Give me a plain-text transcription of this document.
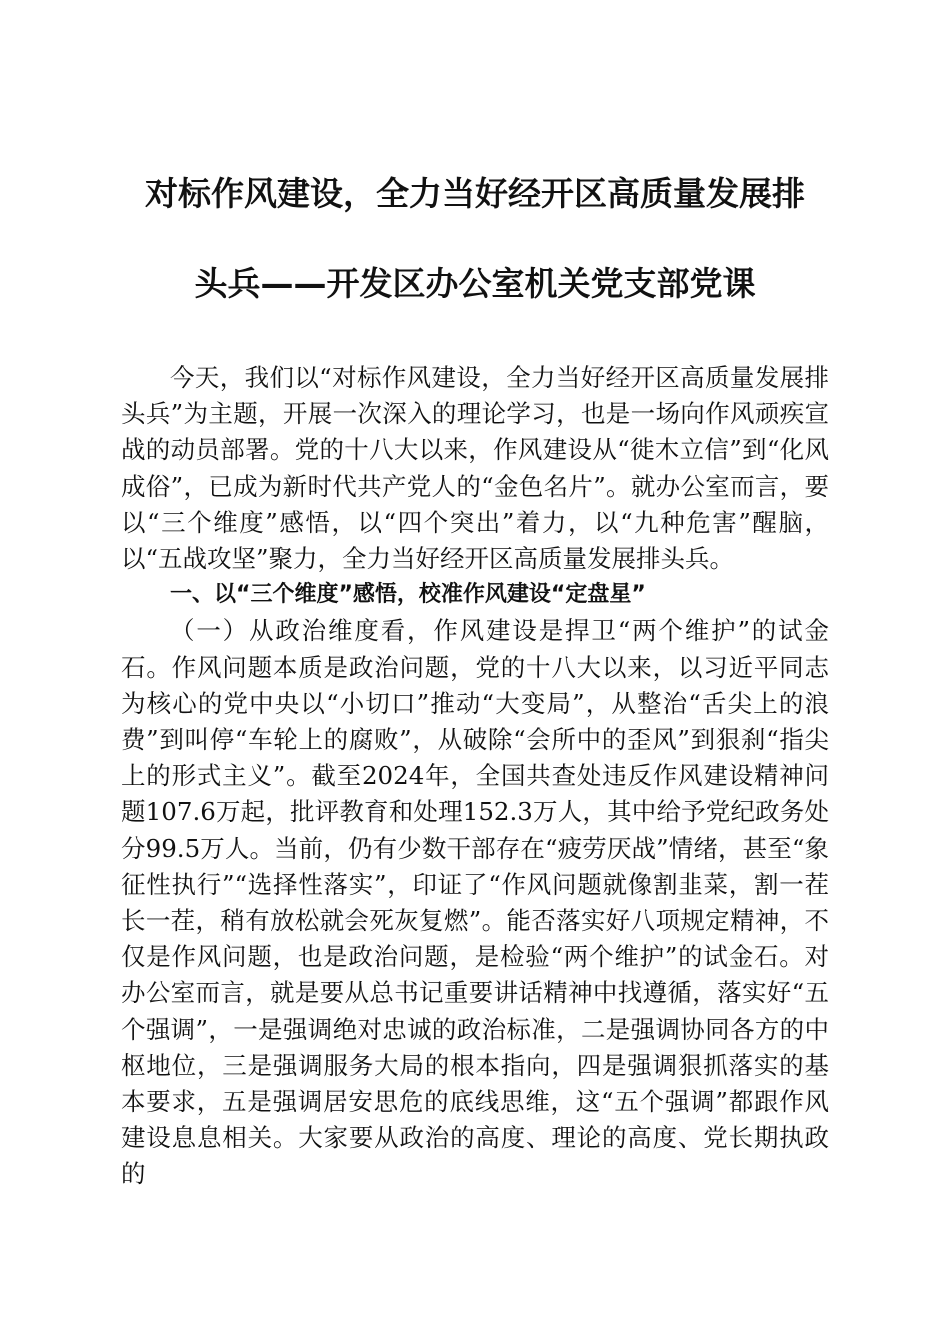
对标作风建设，全力当好经开区高质量发展排
头兵——开发区办公室机关党支部党课

今天，我们以“对标作风建设，全力当好经开区高质量发展排头兵”为主题，开展一次深入的理论学习，也是一场向作风顽疾宣战的动员部署。党的十八大以来，作风建设从“徙木立信”到“化风成俗”，已成为新时代共产党人的“金色名片”。就办公室而言，要以“三个维度”感悟，以“四个突出”着力，以“九种危害”醒脑，以“五战攻坚”聚力，全力当好经开区高质量发展排头兵。

一、以“三个维度”感悟，校准作风建设“定盘星”

（一）从政治维度看，作风建设是捍卫“两个维护”的试金石。作风问题本质是政治问题，党的十八大以来，以习近平同志为核心的党中央以“小切口”推动“大变局”，从整治“舌尖上的浪费”到叫停“车轮上的腐败”，从破除“会所中的歪风”到狠刹“指尖上的形式主义”。截至2024年，全国共查处违反作风建设精神问题107.6万起，批评教育和处理152.3万人，其中给予党纪政务处分99.5万人。当前，仍有少数干部存在“疲劳厌战”情绪，甚至“象征性执行”“选择性落实”，印证了“作风问题就像割韭菜，割一茬长一茬，稍有放松就会死灰复燃”。能否落实好八项规定精神，不仅是作风问题，也是政治问题，是检验“两个维护”的试金石。对办公室而言，就是要从总书记重要讲话精神中找遵循，落实好“五个强调”，一是强调绝对忠诚的政治标准，二是强调协同各方的中枢地位，三是强调服务大局的根本指向，四是强调狠抓落实的基本要求，五是强调居安思危的底线思维，这“五个强调”都跟作风建设息息相关。大家要从政治的高度、理论的高度、党长期执政的
